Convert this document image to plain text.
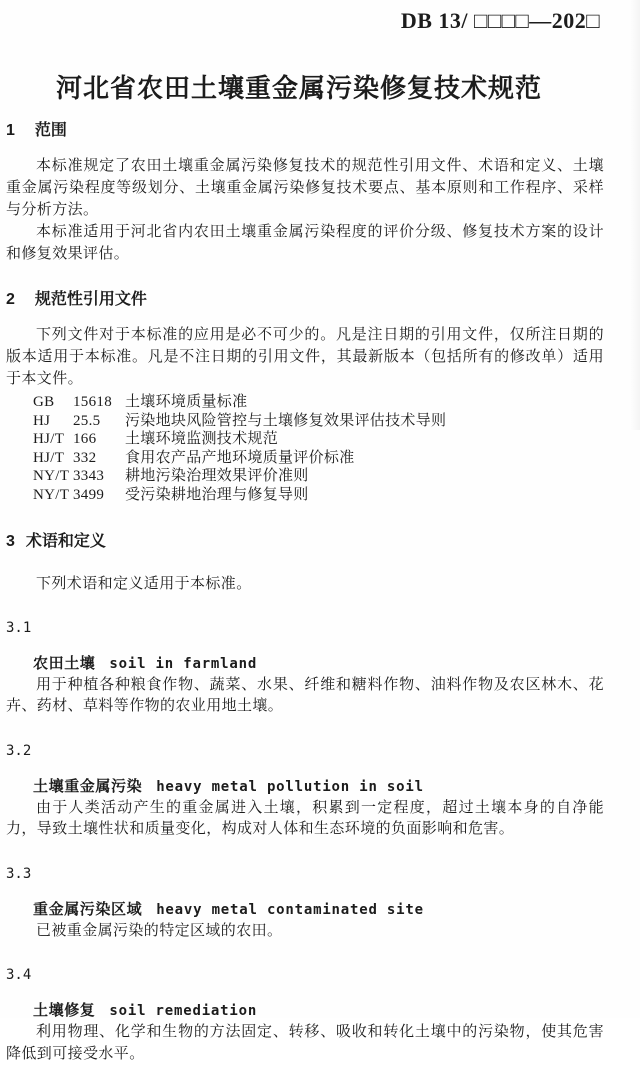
DB 13/ □□□□—202□
河北省农田土壤重金属污染修复技术规范
1 范围

本标准规定了农田土壤重金属污染修复技术的规范性引用文件、术语和定义、土壤重金属污染程度等级划分、土壤重金属污染修复技术要点、基本原则和工作程序、采样与分析方法。

本标准适用于河北省内农田土壤重金属污染程度的评价分级、修复技术方案的设计和修复效果评估。

2 规范性引用文件

下列文件对于本标准的应用是必不可少的。凡是注日期的引用文件，仅所注日期的版本适用于本标准。凡是不注日期的引用文件，其最新版本（包括所有的修改单）适用于本文件。

GB 15618 土壤环境质量标准
HJ 25.5 污染地块风险管控与土壤修复效果评估技术导则
HJ/T 166 土壤环境监测技术规范
HJ/T 332 食用农产品产地环境质量评价标准
NY/T 3343 耕地污染治理效果评价准则
NY/T 3499 受污染耕地治理与修复导则
3 术语和定义
下列术语和定义适用于本标准。
3.1
农田土壤 soil in farmland

用于种植各种粮食作物、蔬菜、水果、纤维和糖料作物、油料作物及农区林木、花卉、药材、草料等作物的农业用地土壤。

3.2
土壤重金属污染 heavy metal pollution in soil

由于人类活动产生的重金属进入土壤，积累到一定程度，超过土壤本身的自净能力，导致土壤性状和质量变化，构成对人体和生态环境的负面影响和危害。

3.3
重金属污染区域 heavy metal contaminated site

已被重金属污染的特定区域的农田。

3.4
土壤修复 soil remediation

利用物理、化学和生物的方法固定、转移、吸收和转化土壤中的污染物，使其危害降低到可接受水平。
